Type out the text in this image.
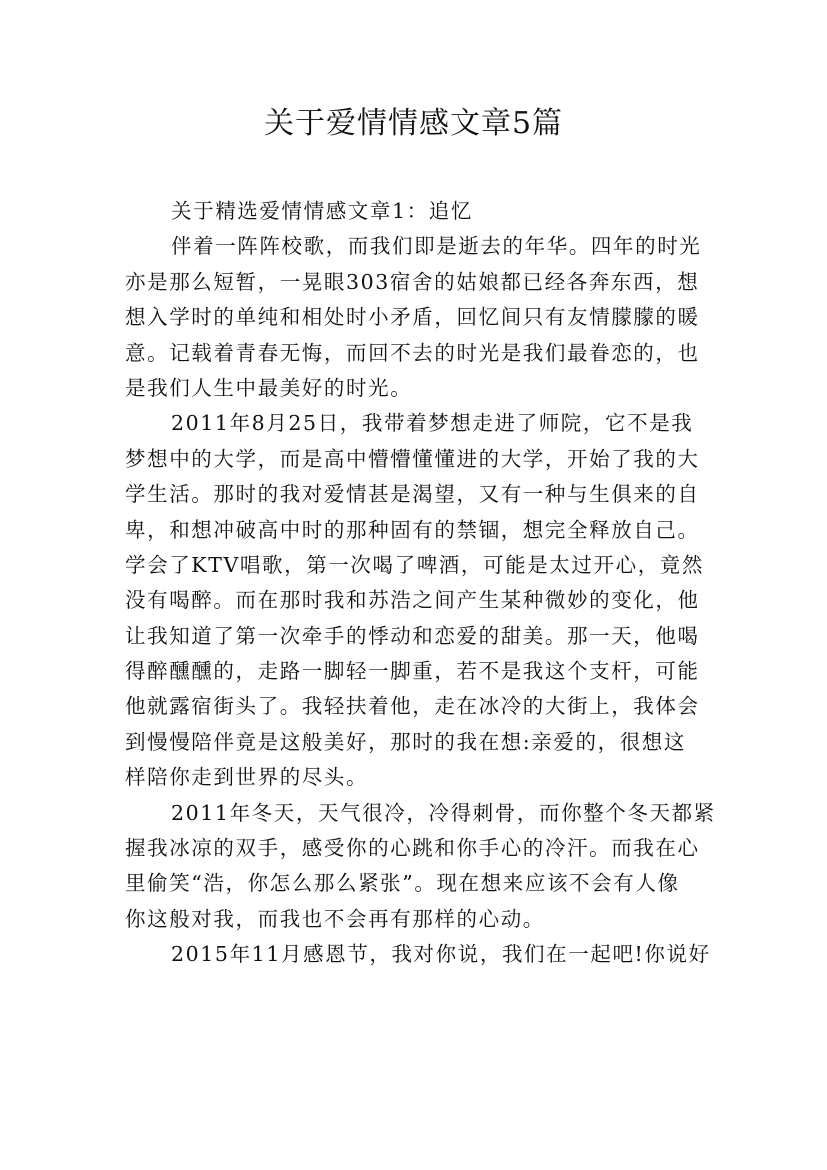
关于爱情情感文章5篇
关于精选爱情情感文章1：追忆
伴着一阵阵校歌，而我们即是逝去的年华。四年的时光
亦是那么短暂，一晃眼303宿舍的姑娘都已经各奔东西，想
想入学时的单纯和相处时小矛盾，回忆间只有友情朦朦的暖
意。记载着青春无悔，而回不去的时光是我们最眷恋的，也
是我们人生中最美好的时光。
2011年8月25日，我带着梦想走进了师院，它不是我
梦想中的大学，而是高中懵懵懂懂进的大学，开始了我的大
学生活。那时的我对爱情甚是渴望，又有一种与生俱来的自
卑，和想冲破高中时的那种固有的禁锢，想完全释放自己。
学会了KTV唱歌，第一次喝了啤酒，可能是太过开心，竟然
没有喝醉。而在那时我和苏浩之间产生某种微妙的变化，他
让我知道了第一次牵手的悸动和恋爱的甜美。那一天，他喝
得醉醺醺的，走路一脚轻一脚重，若不是我这个支杆，可能
他就露宿街头了。我轻扶着他，走在冰冷的大街上，我体会
到慢慢陪伴竟是这般美好，那时的我在想:亲爱的，很想这
样陪你走到世界的尽头。
2011年冬天，天气很冷，冷得刺骨，而你整个冬天都紧
握我冰凉的双手，感受你的心跳和你手心的冷汗。而我在心
里偷笑“浩，你怎么那么紧张”。现在想来应该不会有人像
你这般对我，而我也不会再有那样的心动。
2015年11月感恩节，我对你说，我们在一起吧!你说好
